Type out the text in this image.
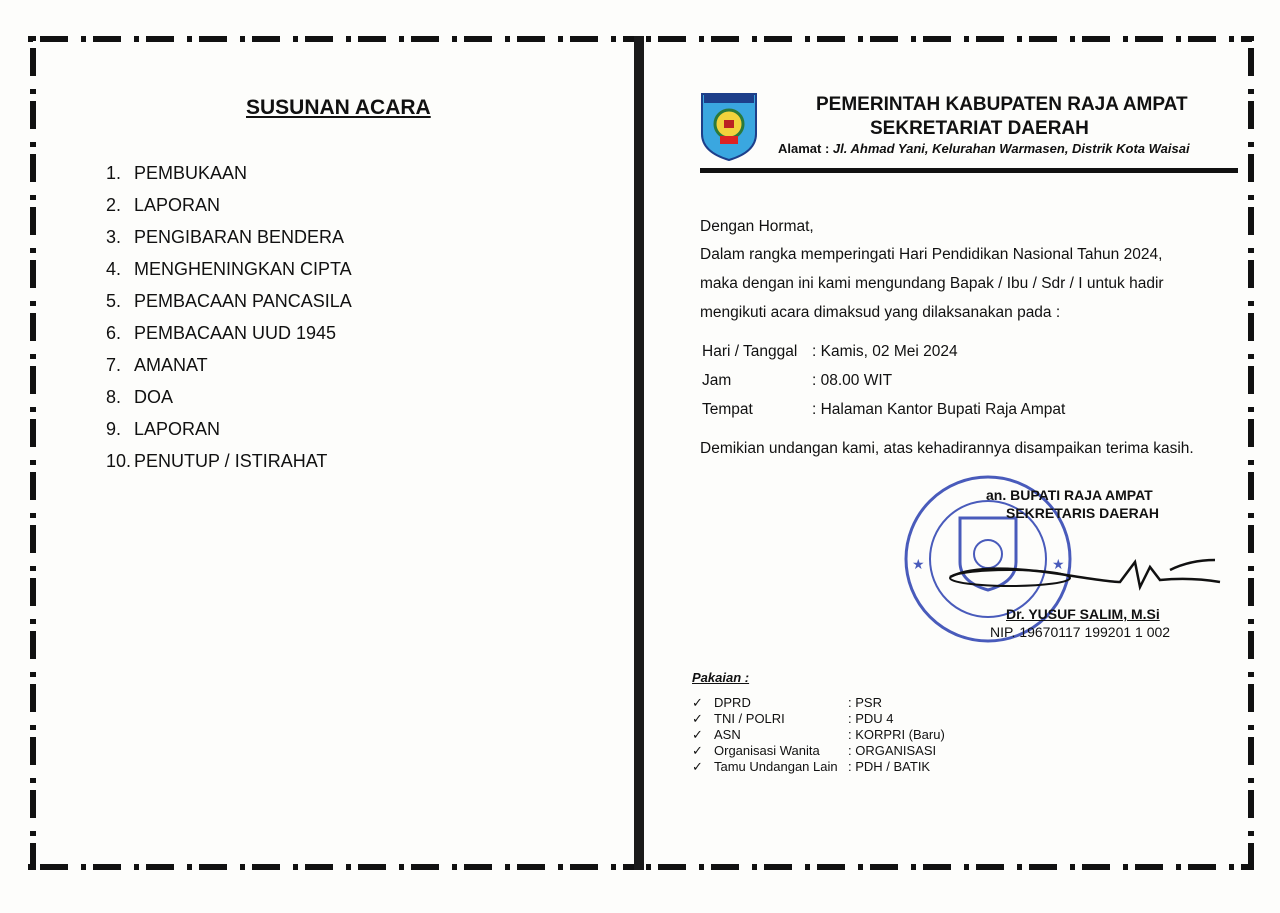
SUSUNAN ACARA
1. PEMBUKAAN
2. LAPORAN
3. PENGIBARAN BENDERA
4. MENGHENINGKAN CIPTA
5. PEMBACAAN PANCASILA
6. PEMBACAAN UUD 1945
7. AMANAT
8. DOA
9. LAPORAN
10. PENUTUP / ISTIRAHAT
PEMERINTAH KABUPATEN RAJA AMPAT
SEKRETARIAT DAERAH
Alamat : Jl. Ahmad Yani, Kelurahan Warmasen, Distrik Kota Waisai

Dengan Hormat,

Dalam rangka memperingati Hari Pendidikan Nasional Tahun 2024,

maka dengan ini kami mengundang Bapak / Ibu / Sdr / I untuk hadir

mengikuti acara dimaksud yang dilaksanakan pada :

Hari / Tanggal : Kamis, 02 Mei 2024
Jam	: 08.00 WIT
Tempat	: Halaman Kantor Bupati Raja Ampat

Demikian undangan kami, atas kehadirannya disampaikan terima kasih.

★	★
an. BUPATI RAJA AMPAT
SEKRETARIS DAERAH
Dr. YUSUF SALIM, M.Si
NIP. 19670117 199201 1 002
Pakaian :
✓ DPRD	: PSR
✓ TNI / POLRI	: PDU 4
✓ ASN	: KORPRI (Baru)
✓ Organisasi Wanita : ORGANISASI
✓ Tamu Undangan Lain : PDH / BATIK
